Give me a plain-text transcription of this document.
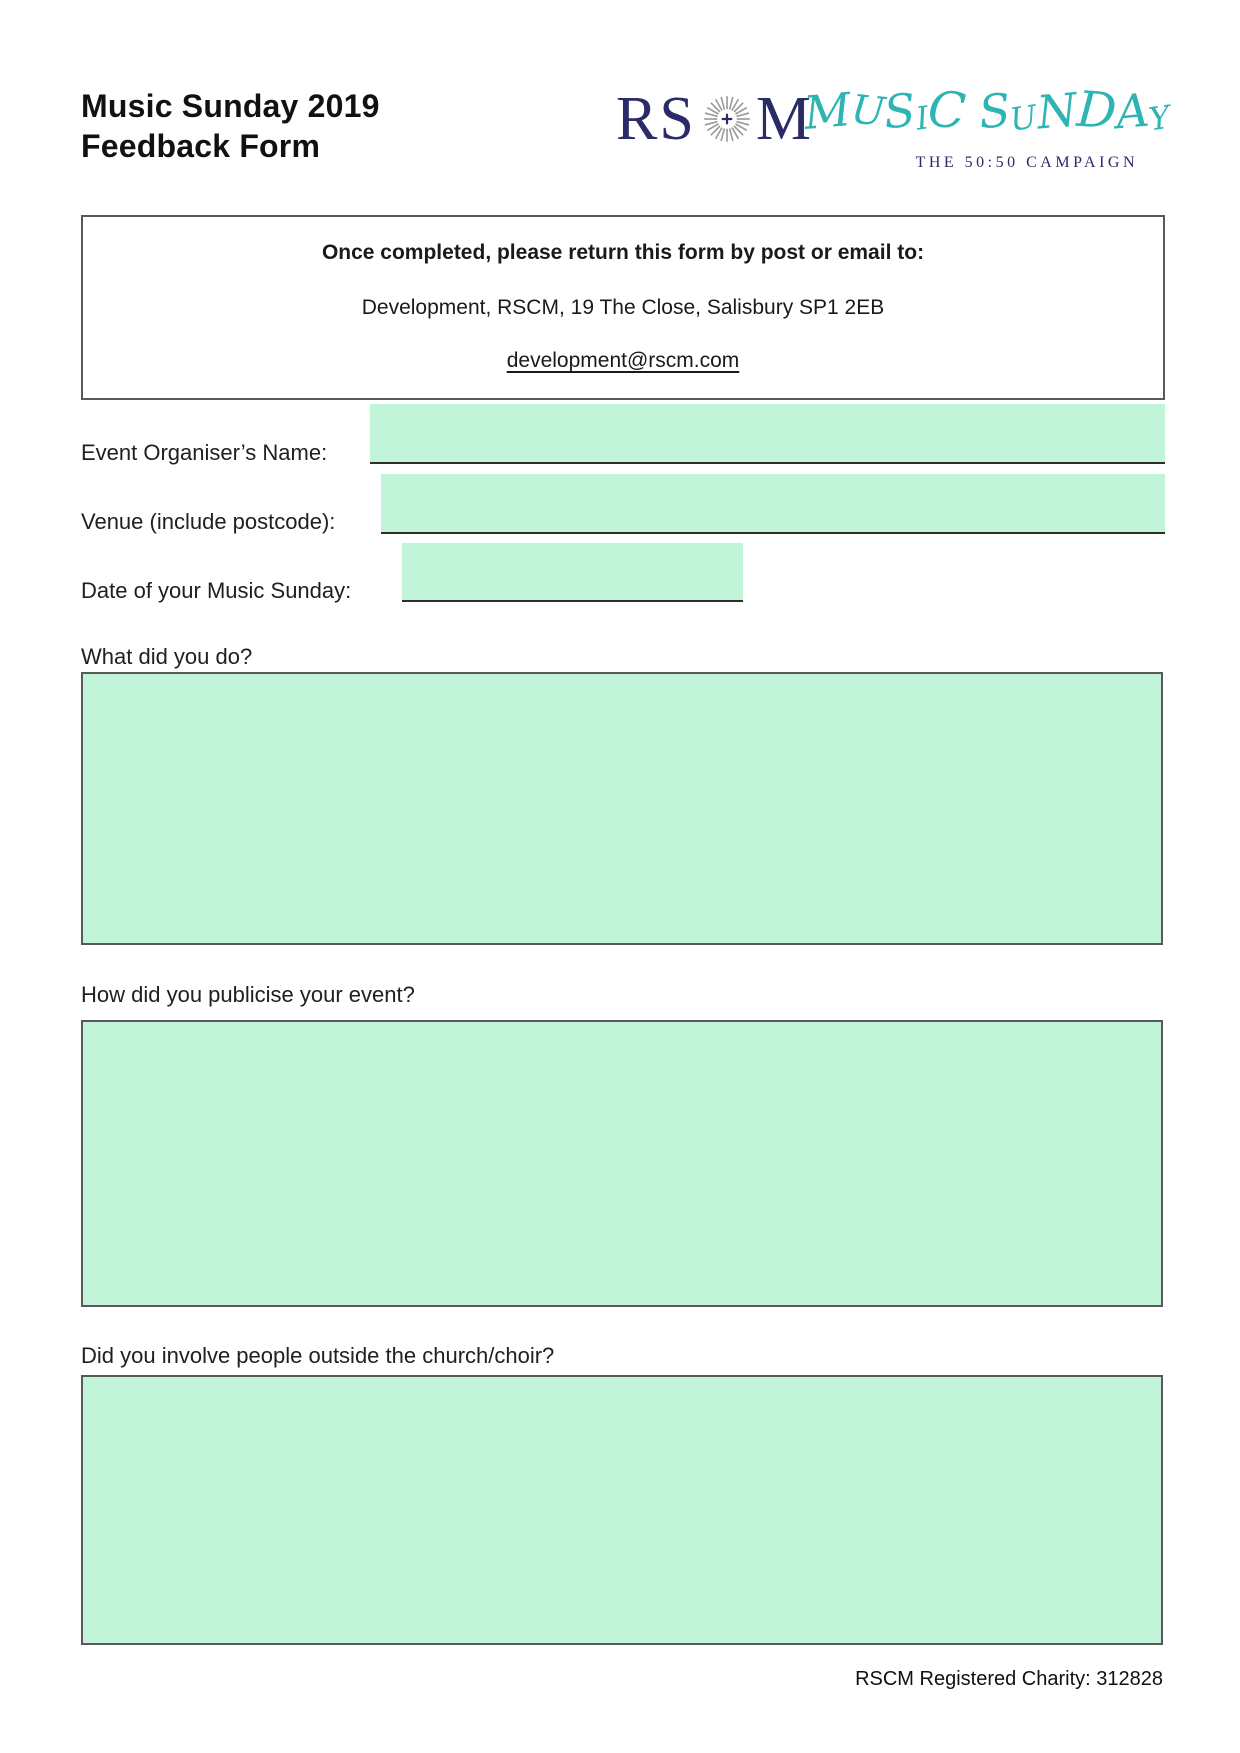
Music Sunday 2019
Feedback Form	RS M
MUSIC SUNDAY
THE 50:50 CAMPAIGN
Once completed, please return this form by post or email to:
Development, RSCM, 19 The Close, Salisbury SP1 2EB
development@rscm.com
Event Organiser’s Name:
Venue (include postcode):
Date of your Music Sunday:
What did you do?
How did you publicise your event?
Did you involve people outside the church/choir?
RSCM Registered Charity: 312828
